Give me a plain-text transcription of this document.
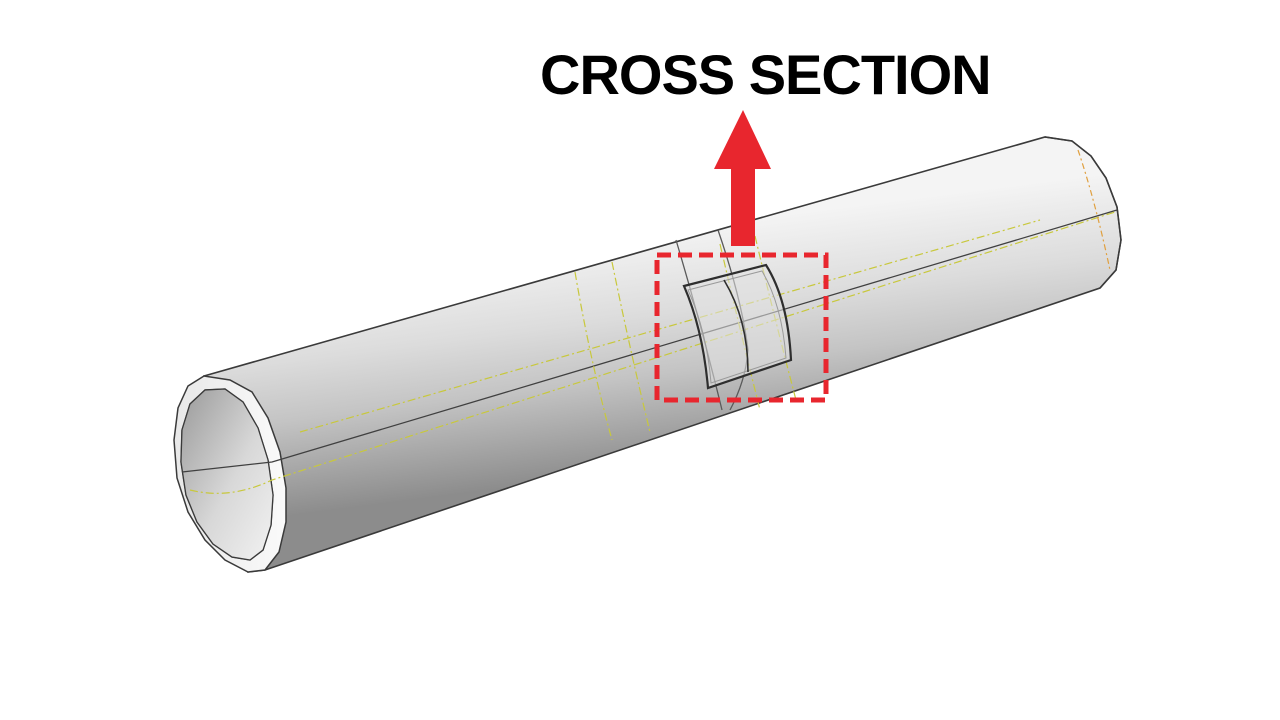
CROSS SECTION
